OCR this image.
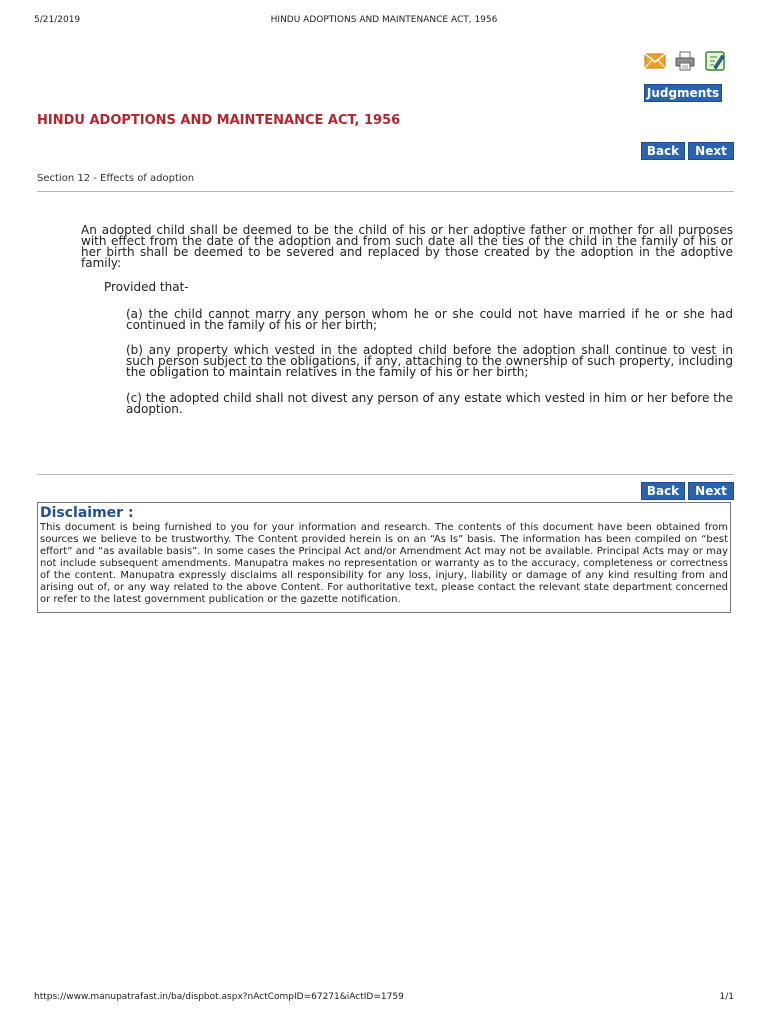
5/21/2019	HINDU ADOPTIONS AND MAINTENANCE ACT, 1956
Judgments
HINDU ADOPTIONS AND MAINTENANCE ACT, 1956
Back	Next
Section 12 - Effects of adoption

An adopted child shall be deemed to be the child of his or her adoptive father or mother for all purposes with effect from the date of the adoption and from such date all the ties of the child in the family of his or her birth shall be deemed to be severed and replaced by those created by the adoption in the adoptive family:

Provided that-

(a) the child cannot marry any person whom he or she could not have married if he or she had continued in the family of his or her birth;

(b) any property which vested in the adopted child before the adoption shall continue to vest in such person subject to the obligations, if any, attaching to the ownership of such property, including the obligation to maintain relatives in the family of his or her birth;

(c) the adopted child shall not divest any person of any estate which vested in him or her before the adoption.

Back	Next

Disclaimer :

This document is being furnished to you for your information and research. The contents of this document have been obtained from sources we believe to be trustworthy. The Content provided herein is on an “As Is” basis. The information has been compiled on “best effort” and “as available basis”. In some cases the Principal Act and/or Amendment Act may not be available. Principal Acts may or may not include subsequent amendments. Manupatra makes no representation or warranty as to the accuracy, completeness or correctness of the content. Manupatra expressly disclaims all responsibility for any loss, injury, liability or damage of any kind resulting from and arising out of, or any way related to the above Content. For authoritative text, please contact the relevant state department concerned or refer to the latest government publication or the gazette notification.

https://www.manupatrafast.in/ba/dispbot.aspx?nActCompID=67271&iActID=1759	1/1
